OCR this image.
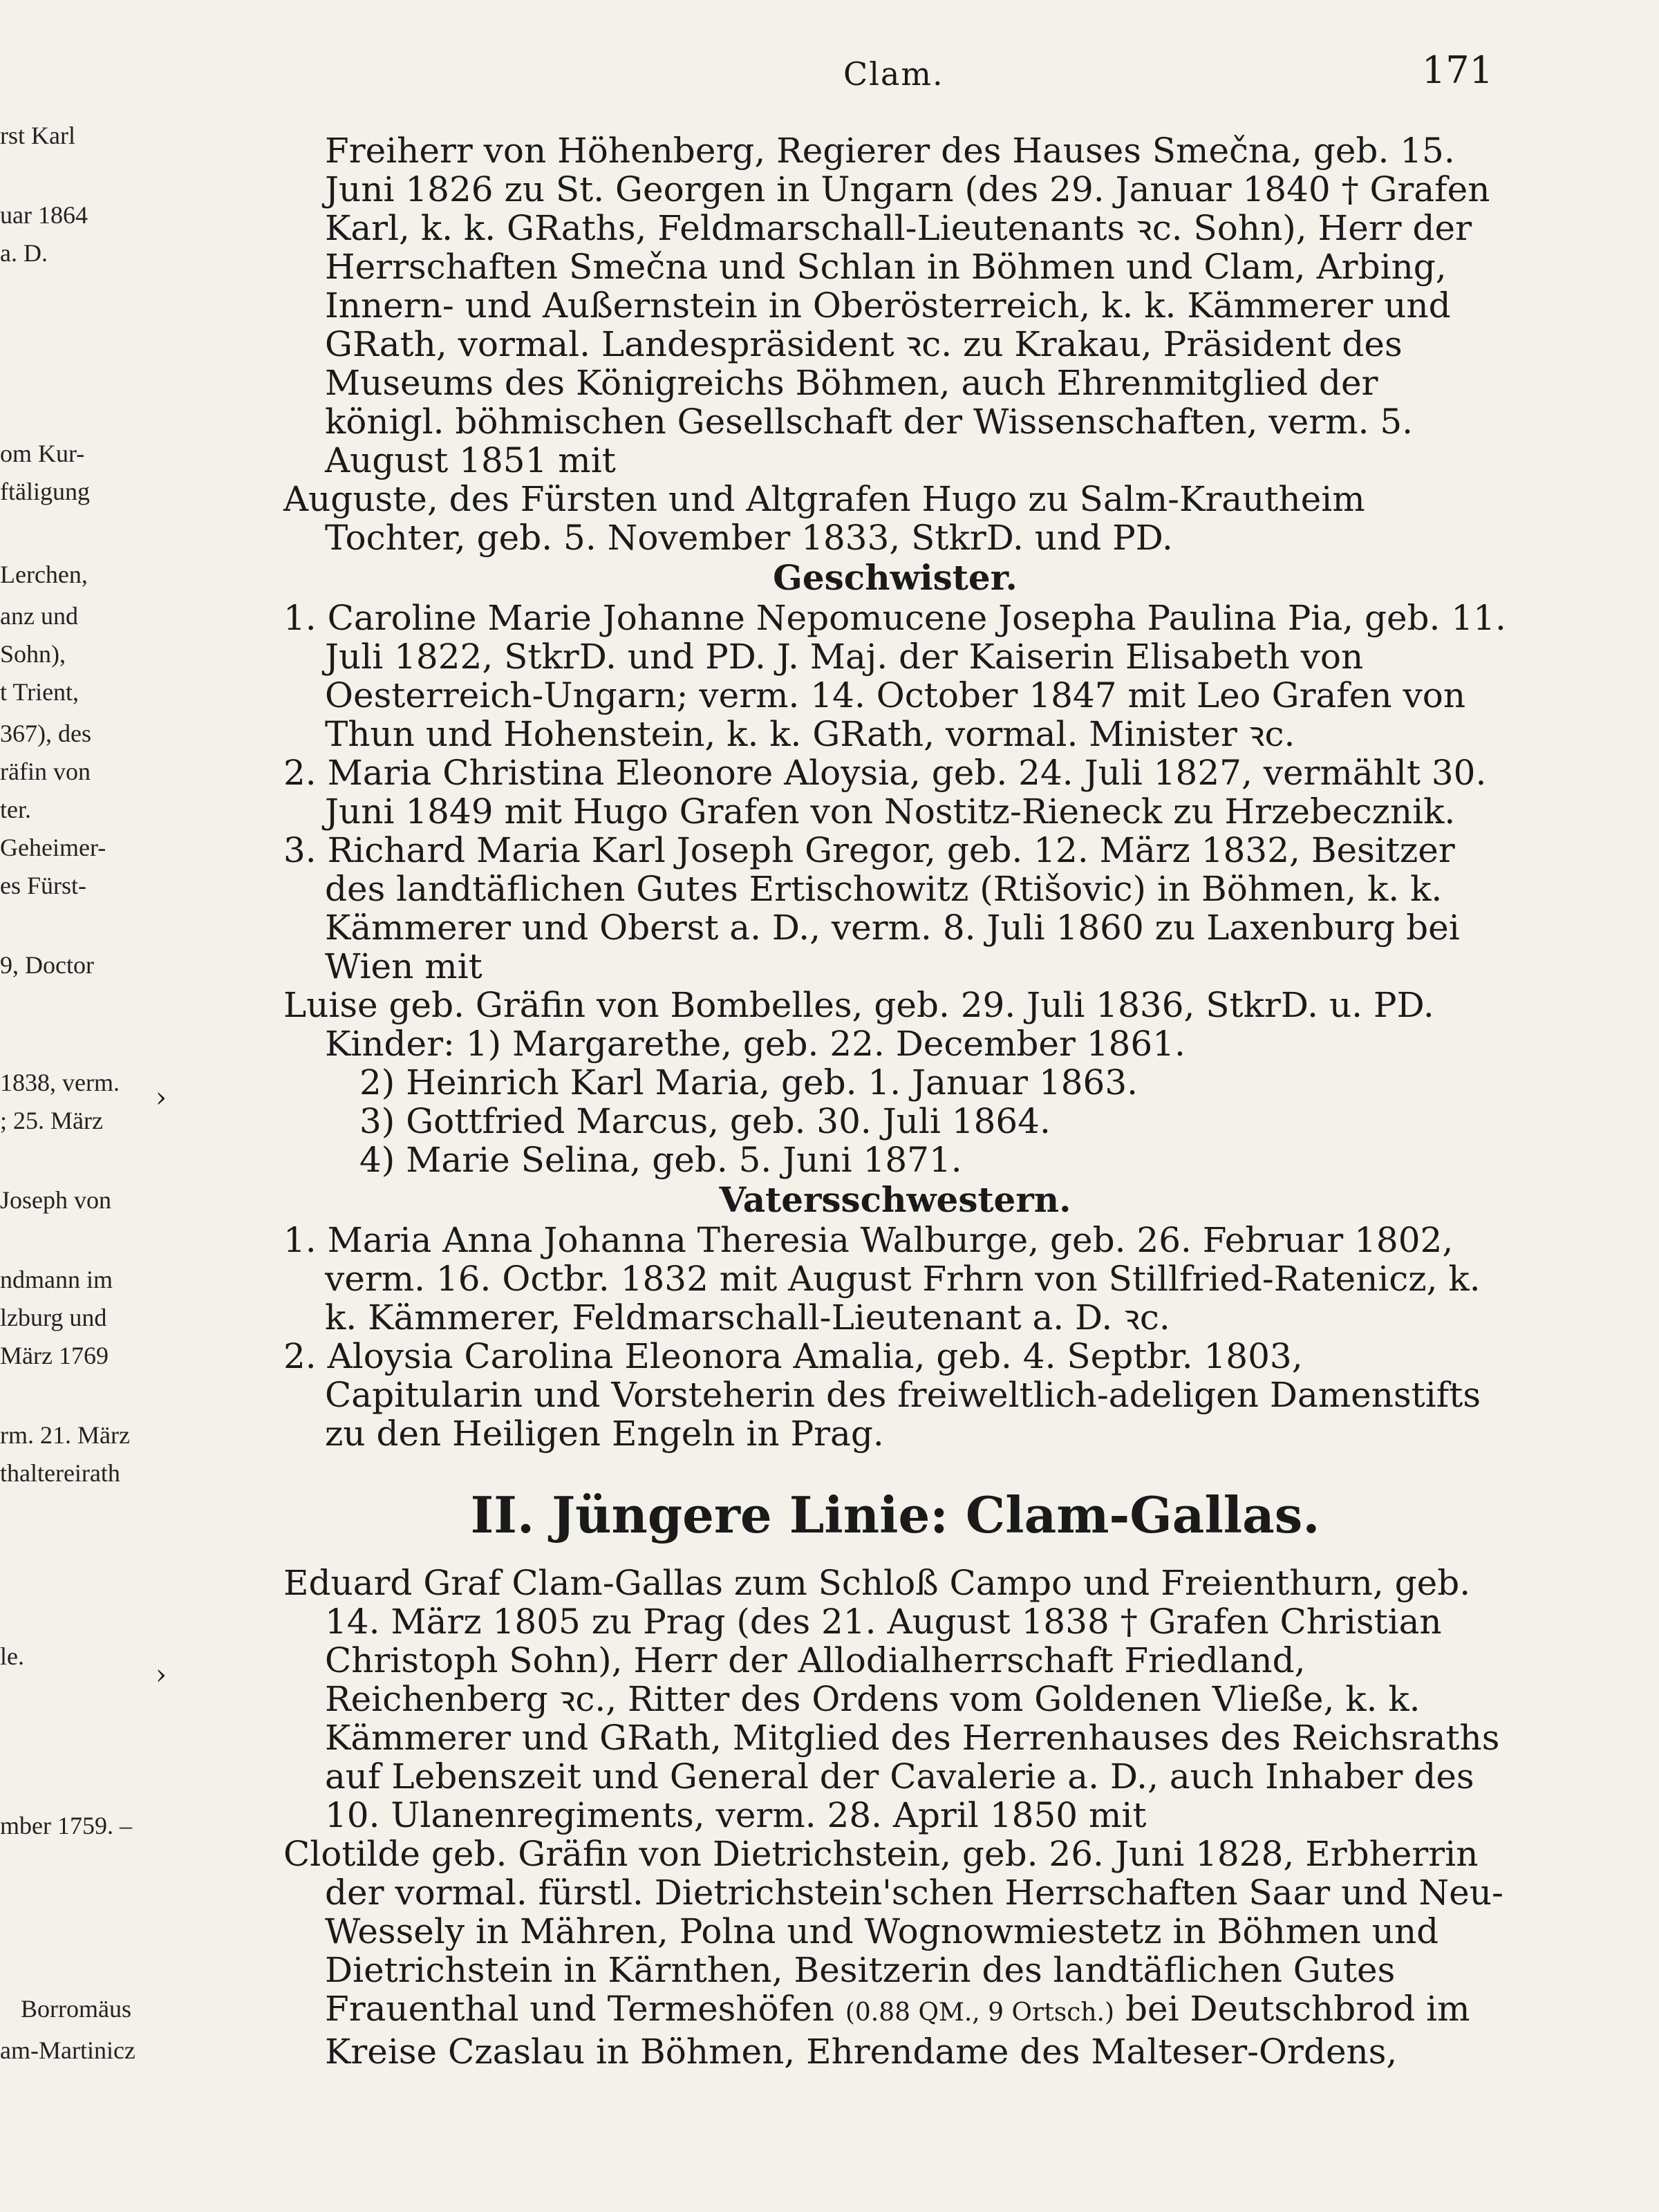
rst Karl
uar 1864
a. D.
om Kur-
ftäligung
Lerchen,
anz und
Sohn),
t Trient,
367), des
räfin von
ter.
Geheimer-
es Fürst-
9, Doctor
1838, verm.
; 25. März
Joseph von
ndmann im
lzburg und
März 1769
rm. 21. März
thaltereirath
le.
mber 1759. –
Borromäus
am-Martinicz
›
›
Clam.	171

Freiherr von Höhenberg, Regierer des Hauses Smečna, geb. 15. Juni 1826 zu St. Georgen in Ungarn (des 29. Januar 1840 † Grafen Karl, k. k. GRaths, Feldmarschall-Lieutenants ꝛc. Sohn), Herr der Herrschaften Smečna und Schlan in Böhmen und Clam, Arbing, Innern- und Außernstein in Oberösterreich, k. k. Kämmerer und GRath, vormal. Landespräsident ꝛc. zu Krakau, Präsident des Museums des Königreichs Böhmen, auch Ehrenmitglied der königl. böhmischen Gesellschaft der Wissenschaften, verm. 5. August 1851 mit

Auguste, des Fürsten und Altgrafen Hugo zu Salm-Krautheim Tochter, geb. 5. November 1833, StkrD. und PD.

Geschwister.

1. Caroline Marie Johanne Nepomucene Josepha Paulina Pia, geb. 11. Juli 1822, StkrD. und PD. J. Maj. der Kaiserin Elisabeth von Oesterreich-Ungarn; verm. 14. October 1847 mit Leo Grafen von Thun und Hohenstein, k. k. GRath, vormal. Minister ꝛc.

2. Maria Christina Eleonore Aloysia, geb. 24. Juli 1827, vermählt 30. Juni 1849 mit Hugo Grafen von Nostitz-Rieneck zu Hrzebecznik.

3. Richard Maria Karl Joseph Gregor, geb. 12. März 1832, Besitzer des landtäflichen Gutes Ertischowitz (Rtišovic) in Böhmen, k. k. Kämmerer und Oberst a. D., verm. 8. Juli 1860 zu Laxenburg bei Wien mit

Luise geb. Gräfin von Bombelles, geb. 29. Juli 1836, StkrD. u. PD.

Kinder: 1) Margarethe, geb. 22. December 1861.
2) Heinrich Karl Maria, geb. 1. Januar 1863.
3) Gottfried Marcus, geb. 30. Juli 1864.
4) Marie Selina, geb. 5. Juni 1871.

Vatersschwestern.

1. Maria Anna Johanna Theresia Walburge, geb. 26. Februar 1802, verm. 16. Octbr. 1832 mit August Frhrn von Stillfried-Ratenicz, k. k. Kämmerer, Feldmarschall-Lieutenant a. D. ꝛc.

2. Aloysia Carolina Eleonora Amalia, geb. 4. Septbr. 1803, Capitularin und Vorsteherin des freiweltlich-adeligen Damenstifts zu den Heiligen Engeln in Prag.

II. Jüngere Linie: Clam-Gallas.

Eduard Graf Clam-Gallas zum Schloß Campo und Freienthurn, geb. 14. März 1805 zu Prag (des 21. August 1838 † Grafen Christian Christoph Sohn), Herr der Allodialherrschaft Friedland, Reichenberg ꝛc., Ritter des Ordens vom Goldenen Vließe, k. k. Kämmerer und GRath, Mitglied des Herrenhauses des Reichsraths auf Lebenszeit und General der Cavalerie a. D., auch Inhaber des 10. Ulanenregiments, verm. 28. April 1850 mit

Clotilde geb. Gräfin von Dietrichstein, geb. 26. Juni 1828, Erbherrin der vormal. fürstl. Dietrichstein'schen Herrschaften Saar und Neu-Wessely in Mähren, Polna und Wognowmiestetz in Böhmen und Dietrichstein in Kärnthen, Besitzerin des landtäflichen Gutes Frauenthal und Termeshöfen (0.88 QM., 9 Ortsch.) bei Deutschbrod im Kreise Czaslau in Böhmen, Ehrendame des Malteser-Ordens,
